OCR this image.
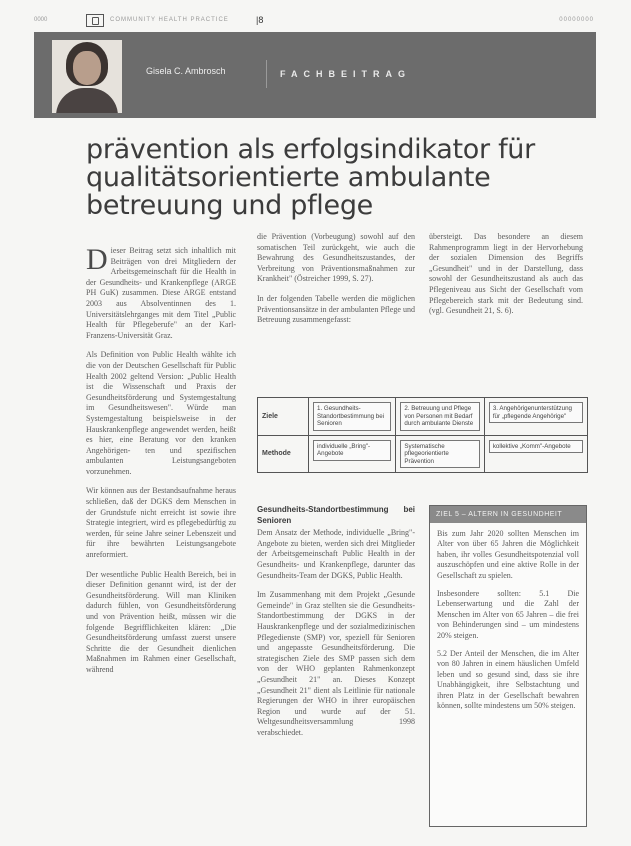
0000	COMMUNITY HEALTH PRACTICE	|8	00000000
Gisela C. Ambrosch	FACHBEITRAG
prävention als erfolgsindikator für qualitätsorientierte ambulante betreuung und pflege

Dieser Beitrag setzt sich inhaltlich mit Beiträgen von drei Mitgliedern der Arbeitsgemeinschaft für die Health in der Gesundheits- und Krankenpflege (ARGE PH GuK) zusammen. Diese ARGE entstand 2003 aus Absolventinnen des 1. Universitätslehrganges mit dem Titel „Public Health für Pflegeberufe" an der Karl-Franzens-Universität Graz.

Als Definition von Public Health wählte ich die von der Deutschen Gesellschaft für Public Health 2002 geltend Version: „Public Health ist die Wissenschaft und Praxis der Gesundheitsförderung und Systemgestaltung im Gesundheitswesen". Würde man Systemgestaltung beispielsweise in der Hauskrankenpflege angewendet werden, heißt es hier, eine Beratung vor den kranken Angehörigen- ten und spezifischen ambulanten Leistungsangeboten vorzunehmen.

Wir können aus der Bestandsaufnahme heraus schließen, daß der DGKS dem Menschen in der Grundstufe nicht erreicht ist sowie ihre Strategie integriert, wird es pflegebedürftig zu werden, für seine Jahre seiner Lebenszeit und für ihre bewährten Leistungsangebote anreformiert.

Der wesentliche Public Health Bereich, bei in dieser Definition genannt wird, ist der der Gesundheitsförderung. Will man Kliniken dadurch fühlen, von Gesundheitsförderung und von Prävention heißt, müssen wir die folgende Begrifflichkeiten klären: „Die Gesundheitsförderung umfasst zuerst unsere Schritte die der Gesundheit dienlichen Maßnahmen im Rahmen einer Gesellschaft, während

die Prävention (Vorbeugung) sowohl auf den somatischen Teil zurückgeht, wie auch die Bewahrung des Gesundheitszustandes, der Verbreitung von Präventionsmaßnahmen zur Krankheit" (Östreicher 1999, S. 27).

In der folgenden Tabelle werden die möglichen Präventionsansätze in der ambulanten Pflege und Betreuung zusammengefasst:

übersteigt. Das besondere an diesem Rahmenprogramm liegt in der Hervorhebung der sozialen Dimension des Begriffs „Gesundheit" und in der Darstellung, dass sowohl der Gesundheitszustand als auch das Pflegeniveau aus Sicht der Gesellschaft vom Pflegebereich stark mit der Bedeutung sind. (vgl. Gesundheit 21, S. 6).

Ziele	1. Gesundheits-Standortbestimmung bei Senioren	2. Betreuung und Pflege von Personen mit Bedarf durch ambulante Dienste	3. Angehörigenunterstützung für „pflegende Angehörige"

Methode	individuelle „Bring"-Angebote	Systematische pflegeorientierte Prävention	kollektive „Komm"-Angebote
Gesundheits-Standortbestimmung bei Senioren

Dem Ansatz der Methode, individuelle „Bring"-Angebote zu bieten, werden sich drei Mitglieder der Arbeitsgemeinschaft Public Health in der Gesundheits- und Krankenpflege, darunter das Gesundheits-Team der DGKS, Public Health.

Im Zusammenhang mit dem Projekt „Gesunde Gemeinde" in Graz stellten sie die Gesundheits-Standortbestimmung der DGKS in der Hauskrankenpflege und der sozialmedizinischen Pflegedienste (SMP) vor, speziell für Senioren und angepasste Gesundheitsförderung. Die strategischen Ziele des SMP passen sich dem von der WHO geplanten Rahmenkonzept „Gesundheit 21" an. Dieses Konzept „Gesundheit 21" dient als Leitlinie für nationale Regierungen der WHO in ihrer europäischen Region und wurde auf der 51. Weltgesundheitsversammlung 1998 verabschiedet.

ZIEL 5 – ALTERN IN GESUNDHEIT

Bis zum Jahr 2020 sollten Menschen im Alter von über 65 Jahren die Möglichkeit haben, ihr volles Gesundheitspotenzial voll auszuschöpfen und eine aktive Rolle in der Gesellschaft zu spielen.

Insbesondere sollten: 5.1 Die Lebenserwartung und die Zahl der Menschen im Alter von 65 Jahren – die frei von Behinderungen sind – um mindestens 20% steigen.

5.2 Der Anteil der Menschen, die im Alter von 80 Jahren in einem häuslichen Umfeld leben und so gesund sind, dass sie ihre Unabhängigkeit, ihre Selbstachtung und ihren Platz in der Gesellschaft bewahren können, sollte mindestens um 50% steigen.
